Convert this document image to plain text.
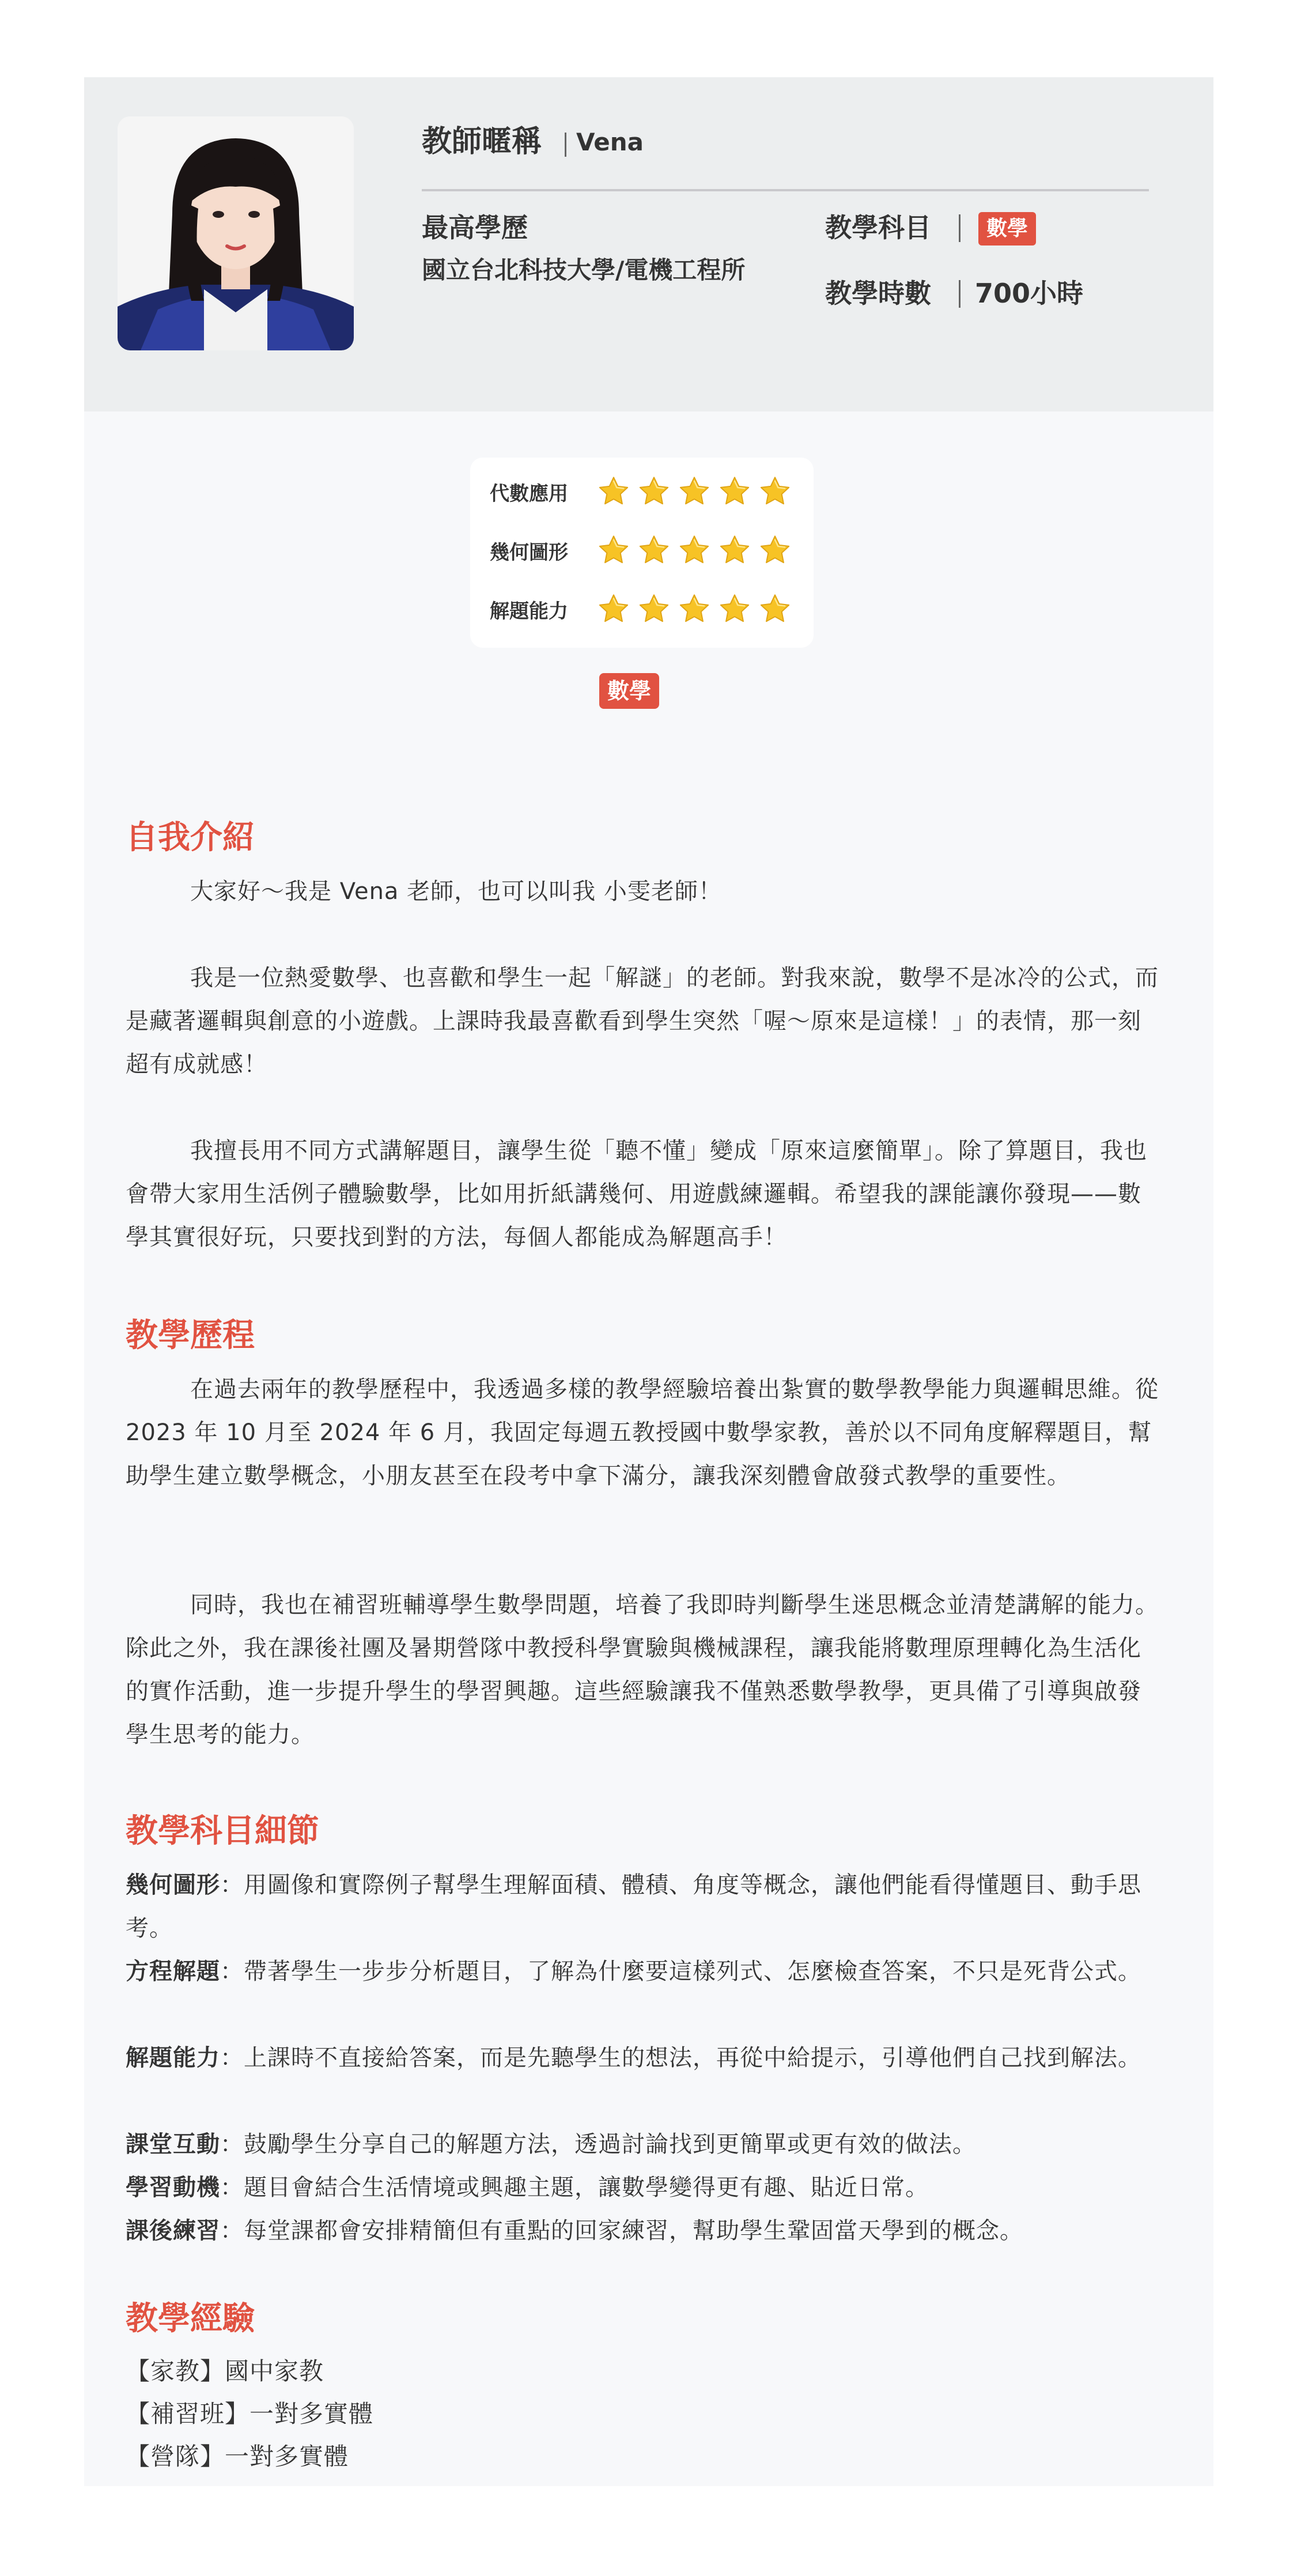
教師暱稱 Vena
最高學歷
國立台北科技大學/電機工程所
教學科目	數學
教學時數 700小時
代數應用
幾何圖形
解題能力
數學
自我介紹
大家好～我是 Vena 老師，也可以叫我 小雯老師！
我是一位熱愛數學、也喜歡和學生一起「解謎」的老師。對我來說，數學不是冰冷的公式，而是藏著邏輯與創意的小遊戲。上課時我最喜歡看到學生突然「喔～原來是這樣！」的表情，那一刻超有成就感！
我擅長用不同方式講解題目，讓學生從「聽不懂」變成「原來這麼簡單」。除了算題目，我也會帶大家用生活例子體驗數學，比如用折紙講幾何、用遊戲練邏輯。希望我的課能讓你發現——數學其實很好玩，只要找到對的方法，每個人都能成為解題高手！
教學歷程
在過去兩年的教學歷程中，我透過多樣的教學經驗培養出紮實的數學教學能力與邏輯思維。從 2023 年 10 月至 2024 年 6 月，我固定每週五教授國中數學家教，善於以不同角度解釋題目，幫助學生建立數學概念，小朋友甚至在段考中拿下滿分，讓我深刻體會啟發式教學的重要性。
同時，我也在補習班輔導學生數學問題，培養了我即時判斷學生迷思概念並清楚講解的能力。除此之外，我在課後社團及暑期營隊中教授科學實驗與機械課程，讓我能將數理原理轉化為生活化的實作活動，進一步提升學生的學習興趣。這些經驗讓我不僅熟悉數學教學，更具備了引導與啟發學生思考的能力。
教學科目細節
幾何圖形：用圖像和實際例子幫學生理解面積、體積、角度等概念，讓他們能看得懂題目、動手思考。
方程解題：帶著學生一步步分析題目，了解為什麼要這樣列式、怎麼檢查答案，不只是死背公式。
解題能力：上課時不直接給答案，而是先聽學生的想法，再從中給提示，引導他們自己找到解法。
課堂互動：鼓勵學生分享自己的解題方法，透過討論找到更簡單或更有效的做法。
學習動機：題目會結合生活情境或興趣主題，讓數學變得更有趣、貼近日常。
課後練習：每堂課都會安排精簡但有重點的回家練習，幫助學生鞏固當天學到的概念。
教學經驗
【家教】國中家教
【補習班】一對多實體
【營隊】一對多實體
